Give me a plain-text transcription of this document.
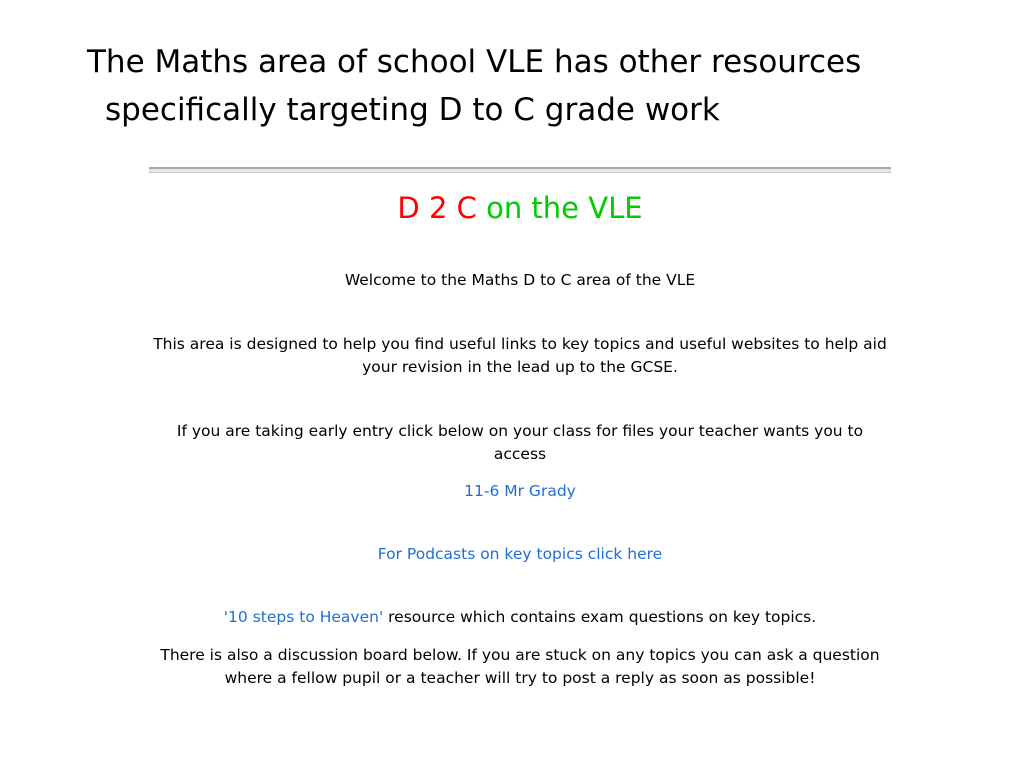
The Maths area of school VLE has other resources
specifically targeting D to C grade work
D 2 C on the VLE
Welcome to the Maths D to C area of the VLE
This area is designed to help you find useful links to key topics and useful websites to help aid
your revision in the lead up to the GCSE.
If you are taking early entry click below on your class for files your teacher wants you to
access
11-6 Mr Grady
For Podcasts on key topics click here
'10 steps to Heaven' resource which contains exam questions on key topics.
There is also a discussion board below. If you are stuck on any topics you can ask a question
where a fellow pupil or a teacher will try to post a reply as soon as possible!
